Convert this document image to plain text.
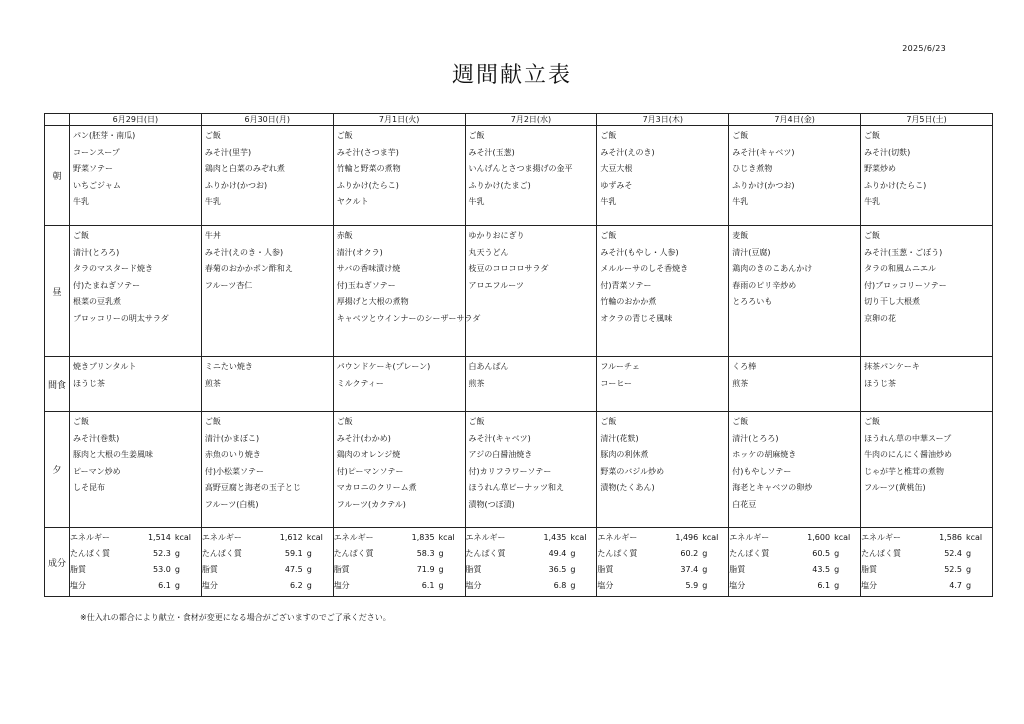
2025/6/23
週間献立表
	6月29日(日)	6月30日(月)	7月1日(火)	7月2日(水)	7月3日(木)	7月4日(金)	7月5日(土)
朝	
パン(胚芽・南瓜)
コーンスープ
野菜ソテー
いちごジャム
牛乳

ご飯
みそ汁(里芋)
鶏肉と白菜のみぞれ煮
ふりかけ(かつお)
牛乳

ご飯
みそ汁(さつま芋)
竹輪と野菜の煮物
ふりかけ(たらこ)
ヤクルト

ご飯
みそ汁(玉葱)
いんげんとさつま揚げの金平
ふりかけ(たまご)
牛乳

ご飯
みそ汁(えのき)
大豆大根
ゆずみそ
牛乳

ご飯
みそ汁(キャベツ)
ひじき煮物
ふりかけ(かつお)
牛乳

ご飯
みそ汁(切麩)
野菜炒め
ふりかけ(たらこ)
牛乳

昼	
ご飯
清汁(とろろ)
タラのマスタード焼き
付)たまねぎソテー
根菜の豆乳煮
ブロッコリーの明太サラダ

牛丼
みそ汁(えのき・人参)
春菊のおかかポン酢和え
フルーツ杏仁

赤飯
清汁(オクラ)
サバの香味漬け焼
付)玉ねぎソテー
厚揚げと大根の煮物
キャベツとウインナーのシーザーサラダ

ゆかりおにぎり
丸天うどん
枝豆のコロコロサラダ
アロエフルーツ

ご飯
みそ汁(もやし・人参)
メルルーサのしそ香焼き
付)青菜ソテー
竹輪のおかか煮
オクラの青じそ風味

麦飯
清汁(豆腐)
鶏肉のきのこあんかけ
春雨のピリ辛炒め
とろろいも

ご飯
みそ汁(玉葱・ごぼう)
タラの和風ムニエル
付)ブロッコリーソテー
切り干し大根煮
京卵の花

間食	
焼きプリンタルト
ほうじ茶

ミニたい焼き
煎茶

パウンドケーキ(プレーン)
ミルクティー

白あんぱん
煎茶

フルーチェ
コーヒー

くろ棒
煎茶

抹茶パンケーキ
ほうじ茶

夕	
ご飯
みそ汁(巻麩)
豚肉と大根の生姜風味
ピーマン炒め
しそ昆布

ご飯
清汁(かまぼこ)
赤魚のいり焼き
付)小松菜ソテー
高野豆腐と海老の玉子とじ
フルーツ(白桃)

ご飯
みそ汁(わかめ)
鶏肉のオレンジ焼
付)ピーマンソテー
マカロニのクリーム煮
フルーツ(カクテル)

ご飯
みそ汁(キャベツ)
アジの白醤油焼き
付)カリフラワーソテー
ほうれん草ピーナッツ和え
漬物(つぼ漬)

ご飯
清汁(花麩)
豚肉の利休煮
野菜のバジル炒め
漬物(たくあん)

ご飯
清汁(とろろ)
ホッケの胡麻焼き
付)もやしソテー
海老とキャベツの卵炒
白花豆

ご飯
ほうれん草の中華スープ
牛肉のにんにく醤油炒め
じゃが芋と椎茸の煮物
フルーツ(黄桃缶)

成分	
エネルギー	1,514	kcal
たんぱく質	52.3	g
脂質	53.0	g
塩分	6.1	g

エネルギー	1,612	kcal
たんぱく質	59.1	g
脂質	47.5	g
塩分	6.2	g

エネルギー	1,835	kcal
たんぱく質	58.3	g
脂質	71.9	g
塩分	6.1	g

エネルギー	1,435	kcal
たんぱく質	49.4	g
脂質	36.5	g
塩分	6.8	g

エネルギー	1,496	kcal
たんぱく質	60.2	g
脂質	37.4	g
塩分	5.9	g

エネルギー	1,600	kcal
たんぱく質	60.5	g
脂質	43.5	g
塩分	6.1	g

エネルギー	1,586	kcal
たんぱく質	52.4	g
脂質	52.5	g
塩分	4.7	g
※仕入れの都合により献立・食材が変更になる場合がございますのでご了承ください。
